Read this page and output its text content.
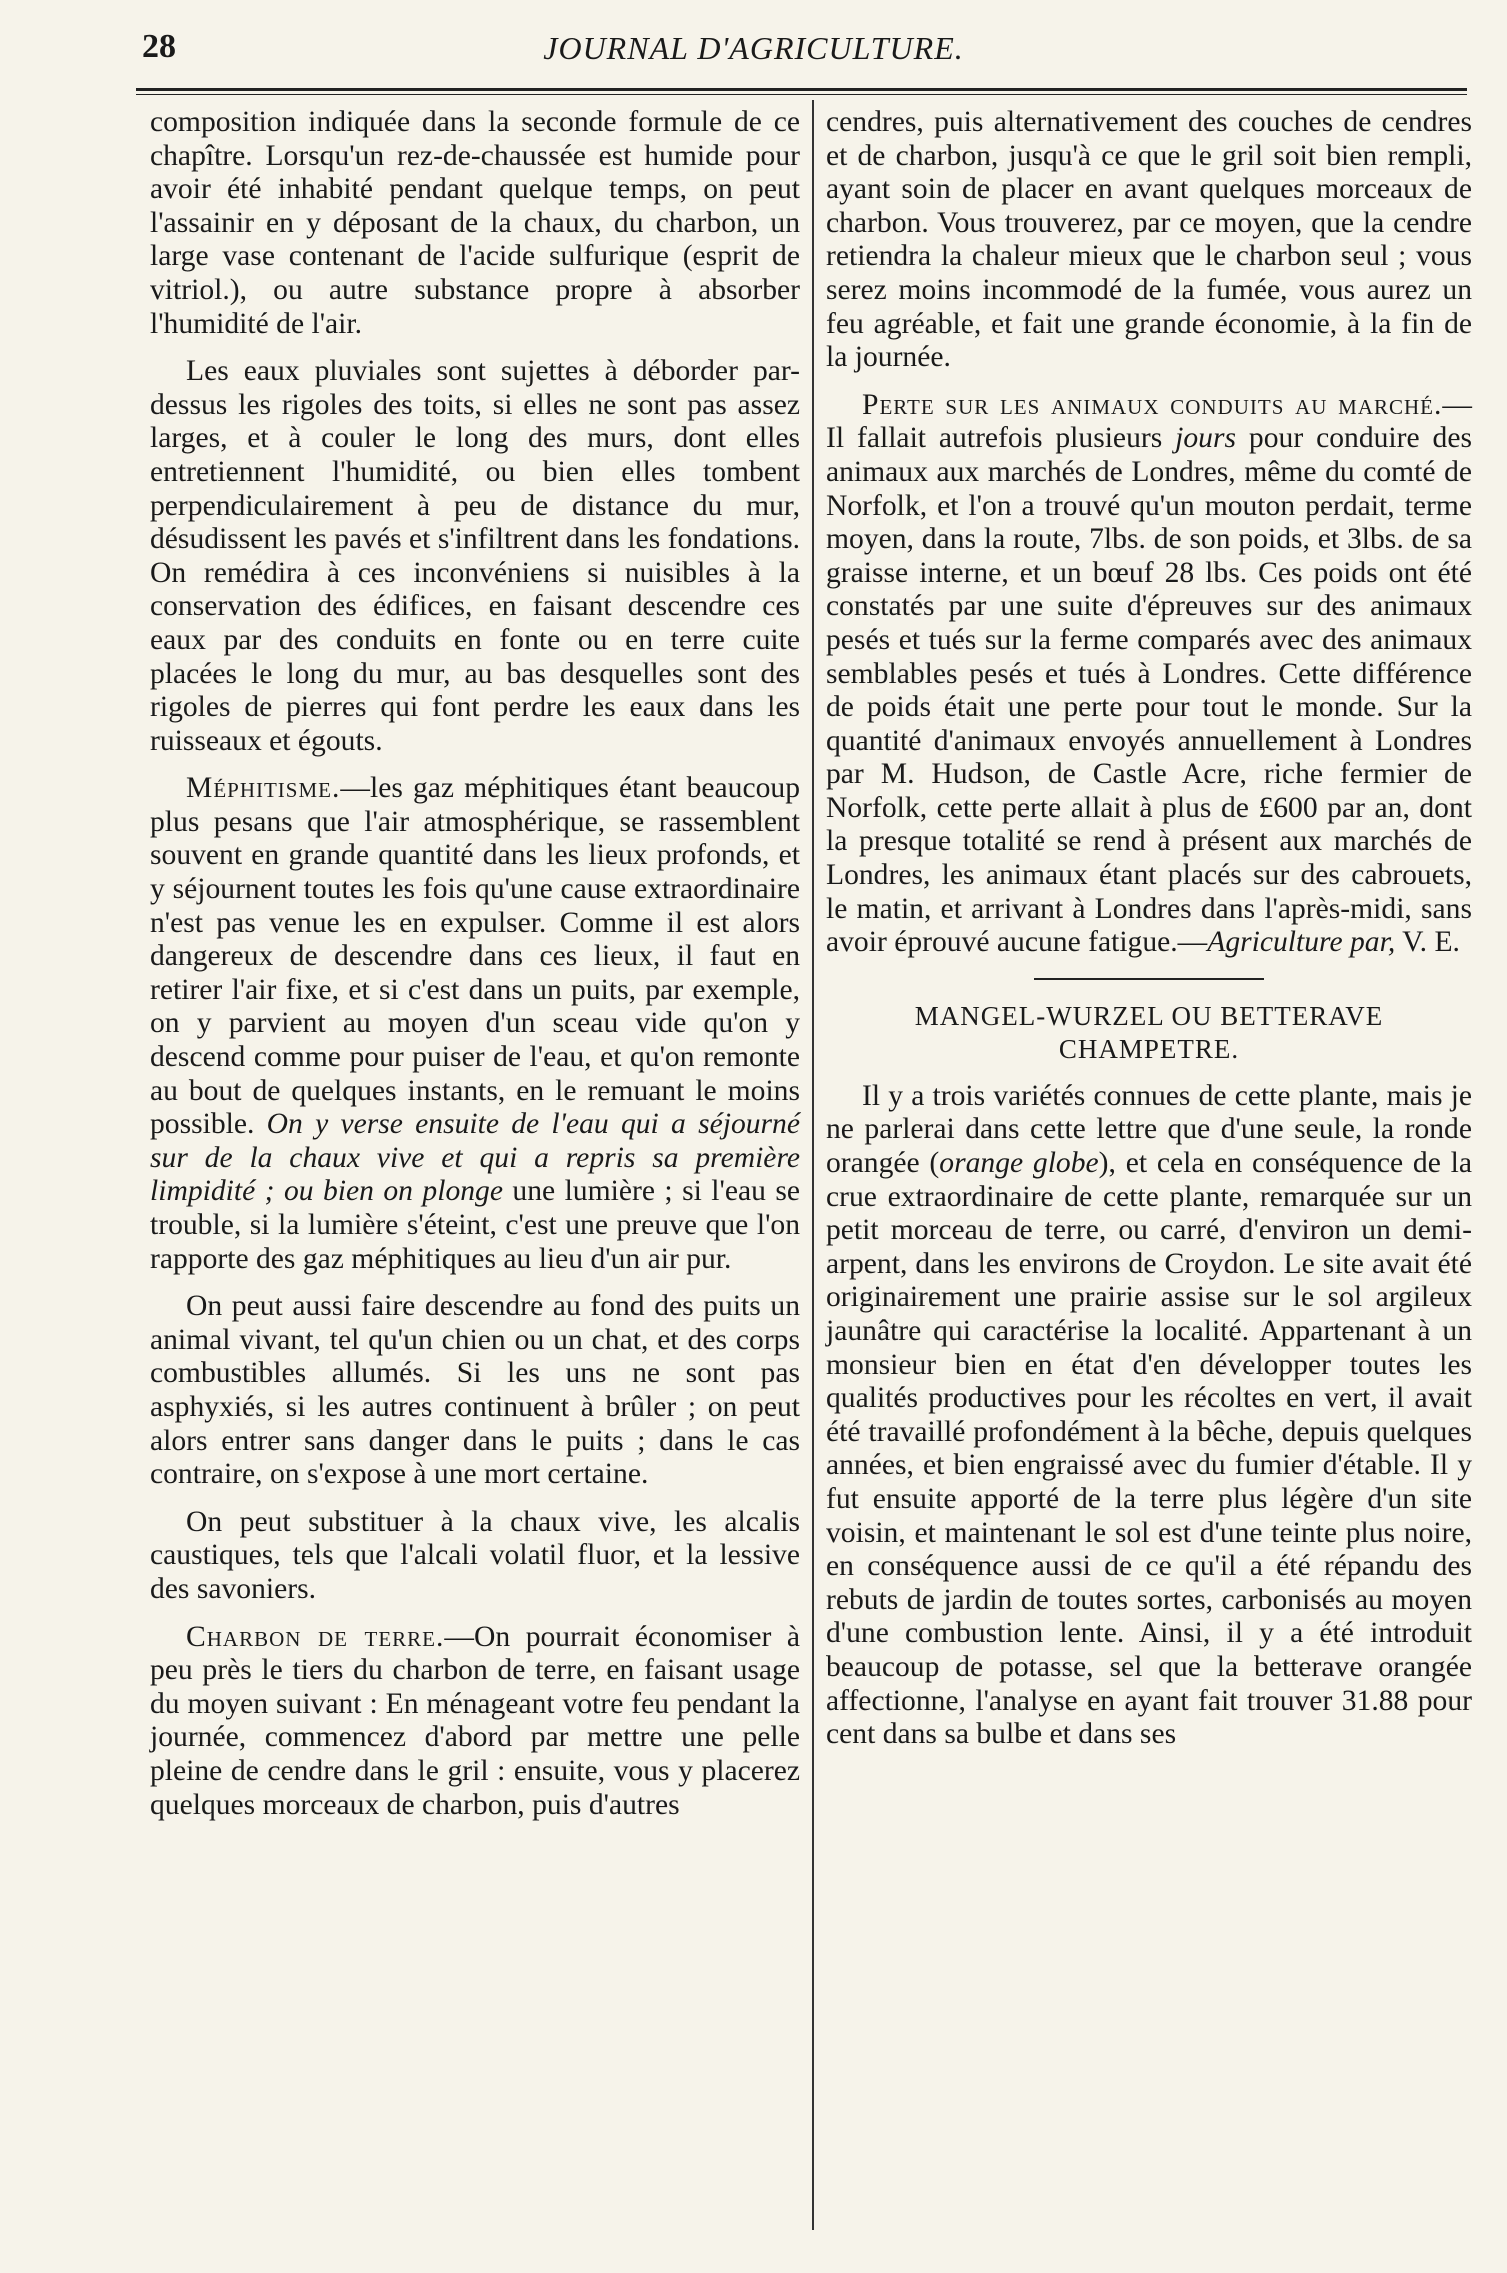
28	JOURNAL D'AGRICULTURE.

composition indiquée dans la seconde formule de ce chapître. Lorsqu'un rez-de-chaussée est humide pour avoir été inhabité pendant quelque temps, on peut l'assainir en y déposant de la chaux, du charbon, un large vase contenant de l'acide sulfurique (esprit de vitriol.), ou autre substance propre à absorber l'humidité de l'air.

Les eaux pluviales sont sujettes à déborder par-dessus les rigoles des toits, si elles ne sont pas assez larges, et à couler le long des murs, dont elles entretiennent l'humidité, ou bien elles tombent perpendiculairement à peu de distance du mur, désudissent les pavés et s'infiltrent dans les fondations. On remédira à ces inconvéniens si nuisibles à la conservation des édifices, en faisant descendre ces eaux par des conduits en fonte ou en terre cuite placées le long du mur, au bas desquelles sont des rigoles de pierres qui font perdre les eaux dans les ruisseaux et égouts.

Méphitisme.—les gaz méphitiques étant beaucoup plus pesans que l'air atmosphérique, se rassemblent souvent en grande quantité dans les lieux profonds, et y séjournent toutes les fois qu'une cause extraordinaire n'est pas venue les en expulser. Comme il est alors dangereux de descendre dans ces lieux, il faut en retirer l'air fixe, et si c'est dans un puits, par exemple, on y parvient au moyen d'un sceau vide qu'on y descend comme pour puiser de l'eau, et qu'on remonte au bout de quelques instants, en le remuant le moins possible. On y verse ensuite de l'eau qui a séjourné sur de la chaux vive et qui a repris sa première limpidité ; ou bien on plonge une lumière ; si l'eau se trouble, si la lumière s'éteint, c'est une preuve que l'on rapporte des gaz méphitiques au lieu d'un air pur.

On peut aussi faire descendre au fond des puits un animal vivant, tel qu'un chien ou un chat, et des corps combustibles allumés. Si les uns ne sont pas asphyxiés, si les autres continuent à brûler ; on peut alors entrer sans danger dans le puits ; dans le cas contraire, on s'expose à une mort certaine.

On peut substituer à la chaux vive, les alcalis caustiques, tels que l'alcali volatil fluor, et la lessive des savoniers.

Charbon de terre.—On pourrait économiser à peu près le tiers du charbon de terre, en faisant usage du moyen suivant : En ménageant votre feu pendant la journée, commencez d'abord par mettre une pelle pleine de cendre dans le gril : ensuite, vous y placerez quelques morceaux de charbon, puis d'autres

cendres, puis alternativement des couches de cendres et de charbon, jusqu'à ce que le gril soit bien rempli, ayant soin de placer en avant quelques morceaux de charbon. Vous trouverez, par ce moyen, que la cendre retiendra la chaleur mieux que le charbon seul ; vous serez moins incommodé de la fumée, vous aurez un feu agréable, et fait une grande économie, à la fin de la journée.

Perte sur les animaux conduits au marché.—Il fallait autrefois plusieurs jours pour conduire des animaux aux marchés de Londres, même du comté de Norfolk, et l'on a trouvé qu'un mouton perdait, terme moyen, dans la route, 7lbs. de son poids, et 3lbs. de sa graisse interne, et un bœuf 28 lbs. Ces poids ont été constatés par une suite d'épreuves sur des animaux pesés et tués sur la ferme comparés avec des animaux semblables pesés et tués à Londres. Cette différence de poids était une perte pour tout le monde. Sur la quantité d'animaux envoyés annuellement à Londres par M. Hudson, de Castle Acre, riche fermier de Norfolk, cette perte allait à plus de £600 par an, dont la presque totalité se rend à présent aux marchés de Londres, les animaux étant placés sur des cabrouets, le matin, et arrivant à Londres dans l'après-midi, sans avoir éprouvé aucune fatigue.—Agriculture par, V. E.

MANGEL-WURZEL OU BETTERAVE CHAMPETRE.

Il y a trois variétés connues de cette plante, mais je ne parlerai dans cette lettre que d'une seule, la ronde orangée (orange globe), et cela en conséquence de la crue extraordinaire de cette plante, remarquée sur un petit morceau de terre, ou carré, d'environ un demi-arpent, dans les environs de Croydon. Le site avait été originairement une prairie assise sur le sol argileux jaunâtre qui caractérise la localité. Appartenant à un monsieur bien en état d'en développer toutes les qualités productives pour les récoltes en vert, il avait été travaillé profondément à la bêche, depuis quelques années, et bien engraissé avec du fumier d'étable. Il y fut ensuite apporté de la terre plus légère d'un site voisin, et maintenant le sol est d'une teinte plus noire, en conséquence aussi de ce qu'il a été répandu des rebuts de jardin de toutes sortes, carbonisés au moyen d'une combustion lente. Ainsi, il y a été introduit beaucoup de potasse, sel que la betterave orangée affectionne, l'analyse en ayant fait trouver 31.88 pour cent dans sa bulbe et dans ses
